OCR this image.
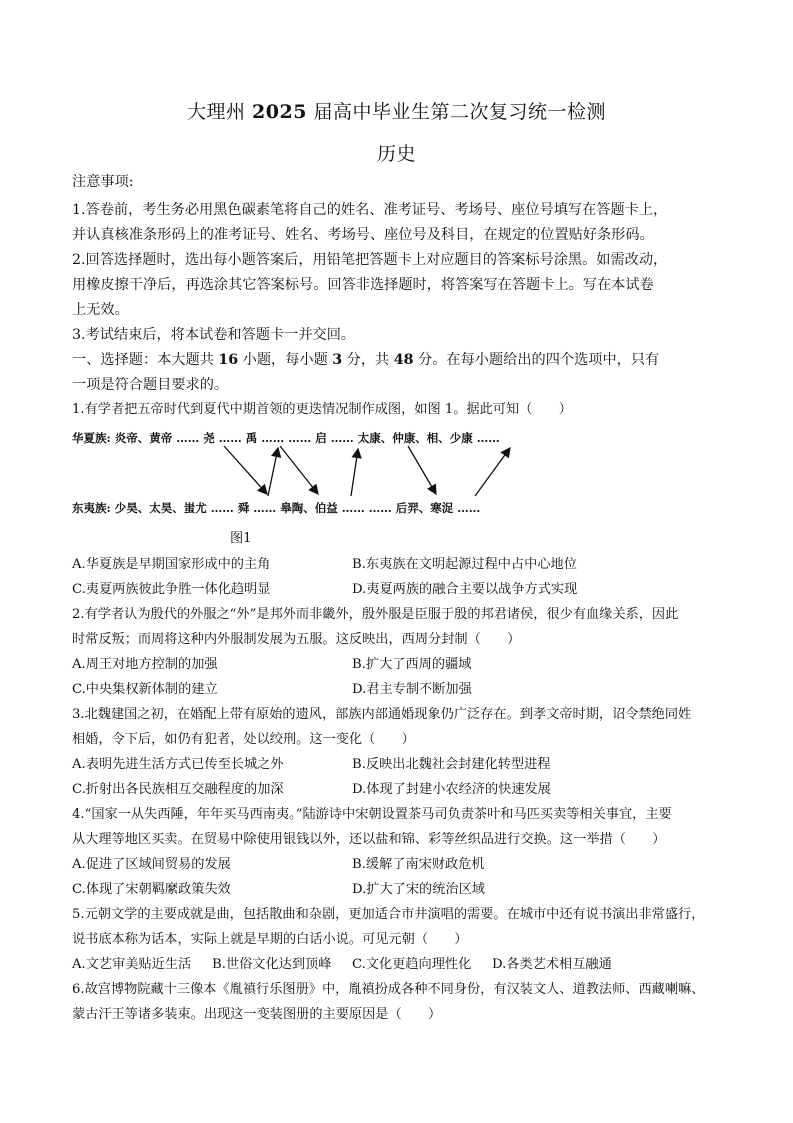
大理州 2025 届高中毕业生第二次复习统一检测
历史
注意事项:
1.答卷前，考生务必用黑色碳素笔将自己的姓名、准考证号、考场号、座位号填写在答题卡上，
并认真核准条形码上的准考证号、姓名、考场号、座位号及科目，在规定的位置贴好条形码。
2.回答选择题时，选出每小题答案后，用铅笔把答题卡上对应题目的答案标号涂黑。如需改动，
用橡皮擦干净后，再选涂其它答案标号。回答非选择题时，将答案写在答题卡上。写在本试卷
上无效。
3.考试结束后，将本试卷和答题卡一并交回。
一、选择题：本大题共 16 小题，每小题 3 分，共 48 分。在每小题给出的四个选项中，只有
一项是符合题目要求的。
1.有学者把五帝时代到夏代中期首领的更迭情况制作成图，如图 1。据此可知（　　）
华夏族: 炎帝、黄帝 …… 尧 …… 禹 …… …… 启 …… 太康、仲康、相、少康 ……
东夷族: 少昊、太昊、蚩尤 …… 舜 …… 皋陶、伯益 …… …… 后羿、寒浞 ……
图1
A.华夏族是早期国家形成中的主角	B.东夷族在文明起源过程中占中心地位
C.夷夏两族彼此争胜一体化趋明显	D.夷夏两族的融合主要以战争方式实现
2.有学者认为殷代的外服之“外”是邦外而非畿外，殷外服是臣服于殷的邦君诸侯，很少有血缘关系，因此
时常反叛；而周将这种内外服制发展为五服。这反映出，西周分封制（　　）
A.周王对地方控制的加强	B.扩大了西周的疆域
C.中央集权新体制的建立	D.君主专制不断加强
3.北魏建国之初，在婚配上带有原始的遗风，部族内部通婚现象仍广泛存在。到孝文帝时期，诏令禁绝同姓
相婚，令下后，如仍有犯者，处以绞刑。这一变化（　　）
A.表明先进生活方式已传至长城之外	B.反映出北魏社会封建化转型进程
C.折射出各民族相互交融程度的加深	D.体现了封建小农经济的快速发展
4.“国家一从失西陲，年年买马西南夷。”陆游诗中宋朝设置茶马司负责茶叶和马匹买卖等相关事宜，主要
从大理等地区买卖。在贸易中除使用银钱以外，还以盐和锦、彩等丝织品进行交换。这一举措（　　）
A.促进了区域间贸易的发展	B.缓解了南宋财政危机
C.体现了宋朝羁縻政策失效	D.扩大了宋的统治区域
5.元朝文学的主要成就是曲，包括散曲和杂剧，更加适合市井演唱的需要。在城市中还有说书演出非常盛行，
说书底本称为话本，实际上就是早期的白话小说。可见元朝（　　）
A.文艺审美贴近生活 B.世俗文化达到顶峰 C.文化更趋向理性化 D.各类艺术相互融通
6.故宫博物院藏十三像本《胤禛行乐图册》中，胤禛扮成各种不同身份，有汉装文人、道教法师、西藏喇嘛、
蒙古汗王等诸多装束。出现这一变装图册的主要原因是（　　）
